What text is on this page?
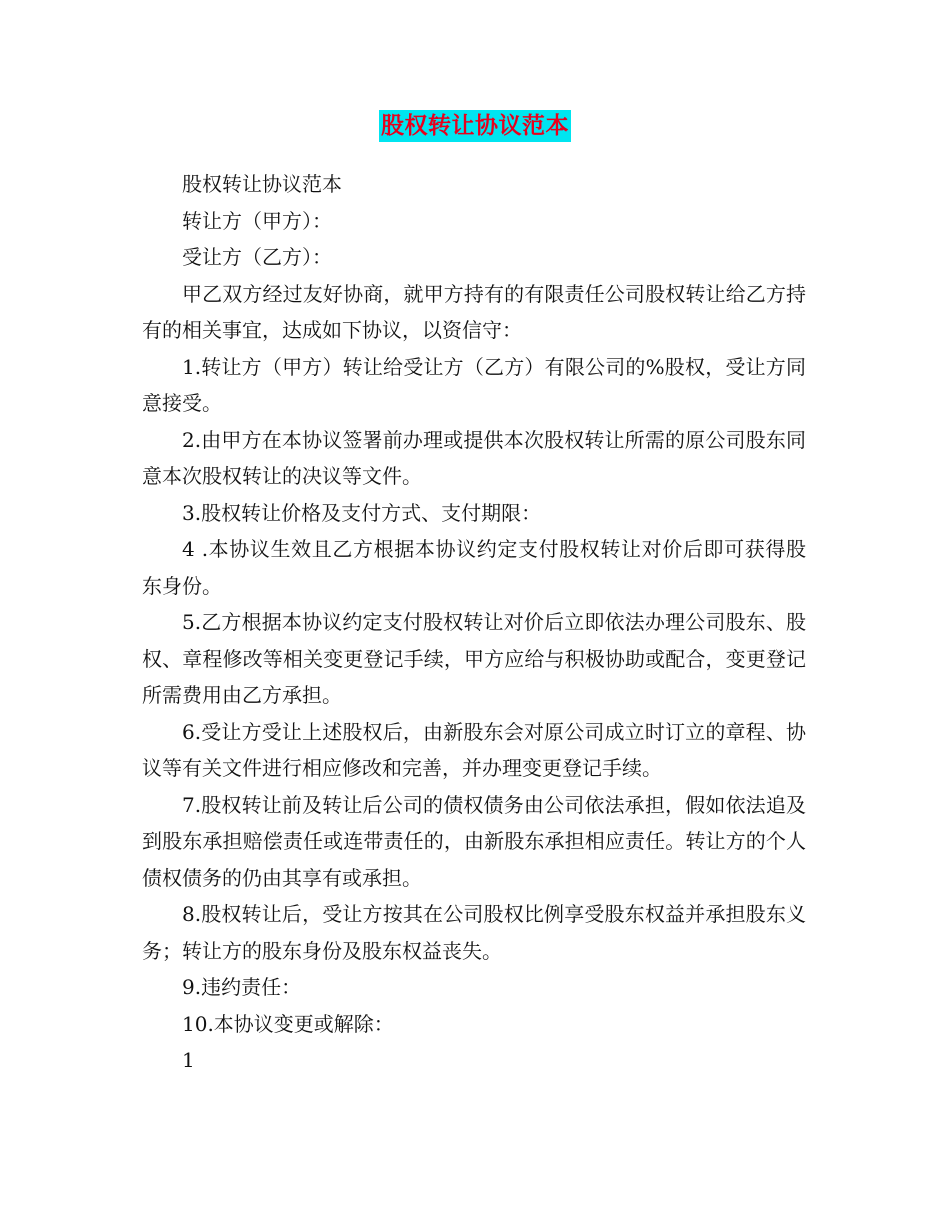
股权转让协议范本

股权转让协议范本

转让方（甲方）：

受让方（乙方）：

甲乙双方经过友好协商，就甲方持有的有限责任公司股权转让给乙方持有的相关事宜，达成如下协议，以资信守：

1.转让方（甲方）转让给受让方（乙方）有限公司的%股权，受让方同意接受。

2.由甲方在本协议签署前办理或提供本次股权转让所需的原公司股东同意本次股权转让的决议等文件。

3.股权转让价格及支付方式、支付期限：

4 .本协议生效且乙方根据本协议约定支付股权转让对价后即可获得股东身份。

5.乙方根据本协议约定支付股权转让对价后立即依法办理公司股东、股权、章程修改等相关变更登记手续，甲方应给与积极协助或配合，变更登记所需费用由乙方承担。

6.受让方受让上述股权后，由新股东会对原公司成立时订立的章程、协议等有关文件进行相应修改和完善，并办理变更登记手续。

7.股权转让前及转让后公司的债权债务由公司依法承担，假如依法追及到股东承担赔偿责任或连带责任的，由新股东承担相应责任。转让方的个人债权债务的仍由其享有或承担。

8.股权转让后，受让方按其在公司股权比例享受股东权益并承担股东义务；转让方的股东身份及股东权益丧失。

9.违约责任：

10.本协议变更或解除：

1
